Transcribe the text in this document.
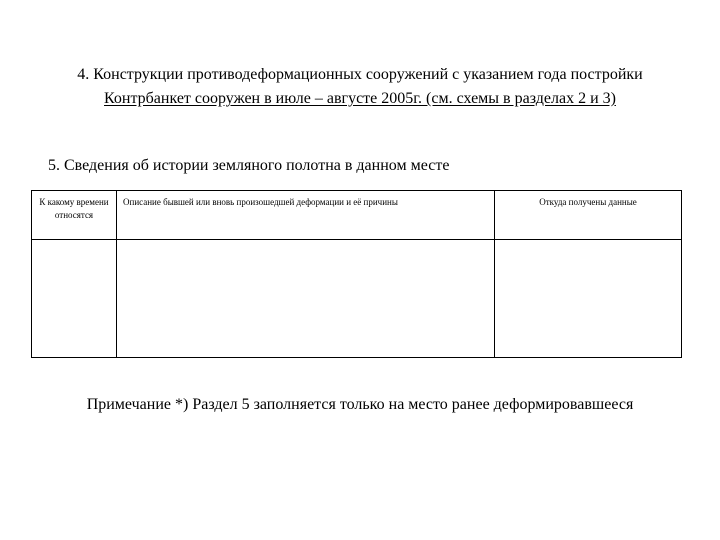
4. Конструкции противодеформационных сооружений с указанием года постройки
Контрбанкет сооружен в июле – августе 2005г. (см. схемы в разделах 2 и 3)
5. Сведения об истории земляного полотна в данном месте
К какому времени относятся	Описание бывшей или вновь произошедшей деформации и её причины	Откуда получены данные

Примечание *) Раздел 5 заполняется только на место ранее деформировавшееся
